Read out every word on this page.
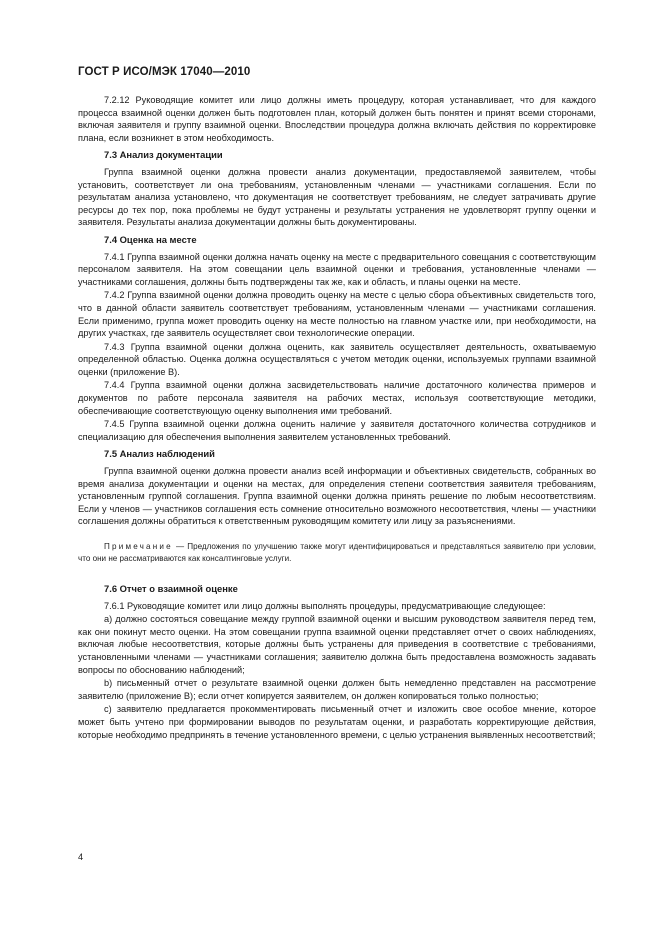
ГОСТ Р ИСО/МЭК 17040—2010

7.2.12 Руководящие комитет или лицо должны иметь процедуру, которая устанавливает, что для каждого процесса взаимной оценки должен быть подготовлен план, который должен быть понятен и принят всеми сторонами, включая заявителя и группу взаимной оценки. Впоследствии процедура должна включать действия по корректировке плана, если возникнет в этом необходимость.

7.3 Анализ документации

Группа взаимной оценки должна провести анализ документации, предоставляемой заявителем, чтобы установить, соответствует ли она требованиям, установленным членами — участниками соглашения. Если по результатам анализа установлено, что документация не соответствует требованиям, не следует затрачивать другие ресурсы до тех пор, пока проблемы не будут устранены и результаты устранения не удовлетворят группу оценки и заявителя. Результаты анализа документации должны быть документированы.

7.4 Оценка на месте

7.4.1 Группа взаимной оценки должна начать оценку на месте с предварительного совещания с соответствующим персоналом заявителя. На этом совещании цель взаимной оценки и требования, установленные членами — участниками соглашения, должны быть подтверждены так же, как и область, и планы оценки на месте.

7.4.2 Группа взаимной оценки должна проводить оценку на месте с целью сбора объективных свидетельств того, что в данной области заявитель соответствует требованиям, установленным членами — участниками соглашения. Если применимо, группа может проводить оценку на месте полностью на главном участке или, при необходимости, на других участках, где заявитель осуществляет свои технологические операции.

7.4.3 Группа взаимной оценки должна оценить, как заявитель осуществляет деятельность, охватываемую определенной областью. Оценка должна осуществляться с учетом методик оценки, используемых группами взаимной оценки (приложение В).

7.4.4 Группа взаимной оценки должна засвидетельствовать наличие достаточного количества примеров и документов по работе персонала заявителя на рабочих местах, используя соответствующие методики, обеспечивающие соответствующую оценку выполнения ими требований.

7.4.5 Группа взаимной оценки должна оценить наличие у заявителя достаточного количества сотрудников и специализацию для обеспечения выполнения заявителем установленных требований.

7.5 Анализ наблюдений

Группа взаимной оценки должна провести анализ всей информации и объективных свидетельств, собранных во время анализа документации и оценки на местах, для определения степени соответствия заявителя требованиям, установленным группой соглашения. Группа взаимной оценки должна принять решение по любым несоответствиям. Если у членов — участников соглашения есть сомнение относительно возможного несоответствия, члены — участники соглашения должны обратиться к ответственным руководящим комитету или лицу за разъяснениями.

Примечание — Предложения по улучшению также могут идентифицироваться и представляться заявителю при условии, что они не рассматриваются как консалтинговые услуги.

7.6 Отчет о взаимной оценке

7.6.1 Руководящие комитет или лицо должны выполнять процедуры, предусматривающие следующее:

а) должно состояться совещание между группой взаимной оценки и высшим руководством заявителя перед тем, как они покинут место оценки. На этом совещании группа взаимной оценки представляет отчет о своих наблюдениях, включая любые несоответствия, которые должны быть устранены для приведения в соответствие с требованиями, установленными членами — участниками соглашения; заявителю должна быть предоставлена возможность задавать вопросы по обоснованию наблюдений;

b) письменный отчет о результате взаимной оценки должен быть немедленно представлен на рассмотрение заявителю (приложение В); если отчет копируется заявителем, он должен копироваться только полностью;

с) заявителю предлагается прокомментировать письменный отчет и изложить свое особое мнение, которое может быть учтено при формировании выводов по результатам оценки, и разработать корректирующие действия, которые необходимо предпринять в течение установленного времени, с целью устранения выявленных несоответствий;

4
